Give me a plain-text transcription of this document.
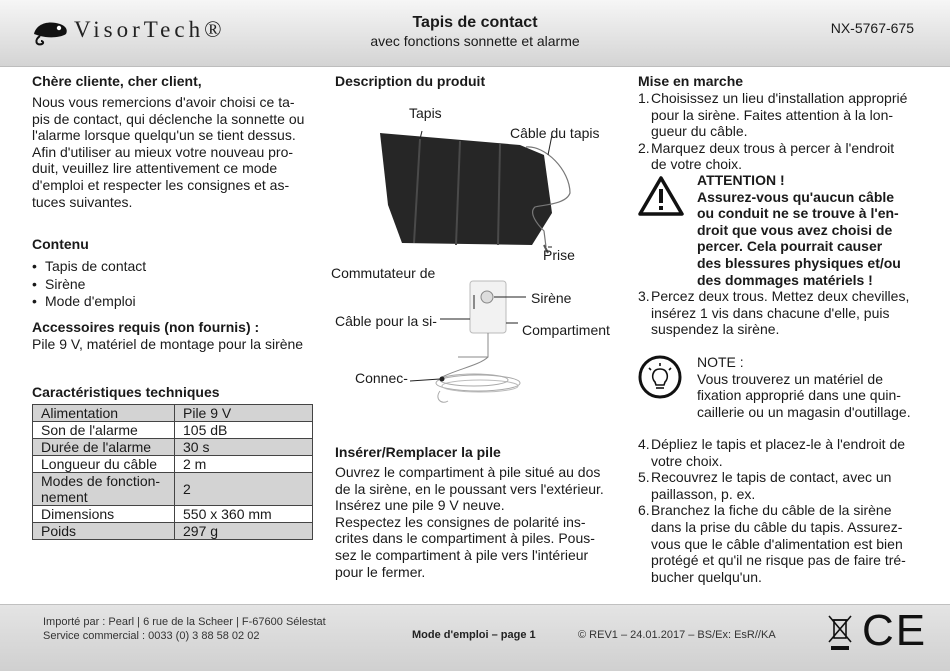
VisorTech®	Tapis de contact
avec fonctions sonnette et alarme
NX-5767-675
Chère cliente, cher client,
Nous vous remercions d'avoir choisi ce ta-
pis de contact, qui déclenche la sonnette ou
l'alarme lorsque quelqu'un se tient dessus.
Afin d'utiliser au mieux votre nouveau pro-
duit, veuillez lire attentivement ce mode
d'emploi et respecter les consignes et as-
tuces suivantes.
Contenu
• Tapis de contact
• Sirène
• Mode d'emploi
Accessoires requis (non fournis) :
Pile 9 V, matériel de montage pour la sirène
Caractéristiques techniques
Alimentation	Pile 9 V
Son de l'alarme	105 dB
Durée de l'alarme	30 s
Longueur du câble	2 m
Modes de fonction-
nement	2
Dimensions	550 x 360 mm
Poids	297 g
Description du produit
Tapis
Câble du tapis
Prise
Commutateur de
Sirène
Câble pour la si-
Compartiment
Connec-
Insérer/Remplacer la pile
Ouvrez le compartiment à pile situé au dos
de la sirène, en le poussant vers l'extérieur.
Insérez une pile 9 V neuve.
Respectez les consignes de polarité ins-
crites dans le compartiment à piles. Pous-
sez le compartiment à pile vers l'intérieur
pour le fermer.
Mise en marche
1. Choisissez un lieu d'installation approprié
pour la sirène. Faites attention à la lon-
gueur du câble.
2. Marquez deux trous à percer à l'endroit
de votre choix.
ATTENTION !
Assurez-vous qu'aucun câble
ou conduit ne se trouve à l'en-
droit que vous avez choisi de
percer. Cela pourrait causer
des blessures physiques et/ou
des dommages matériels !
3. Percez deux trous. Mettez deux chevilles,
insérez 1 vis dans chacune d'elle, puis
suspendez la sirène.
NOTE :
Vous trouverez un matériel de
fixation approprié dans une quin-
caillerie ou un magasin d'outillage.
4. Dépliez le tapis et placez-le à l'endroit de
votre choix.
5. Recouvrez le tapis de contact, avec un
paillasson, p. ex.
6. Branchez la fiche du câble de la sirène
dans la prise du câble du tapis. Assurez-
vous que le câble d'alimentation est bien
protégé et qu'il ne risque pas de faire tré-
bucher quelqu'un.
Importé par : Pearl | 6 rue de la Scheer | F-67600 Sélestat
Service commercial : 0033 (0) 3 88 58 02 02	Mode d'emploi – page 1	© REV1 – 24.01.2017 – BS/Ex: EsR//KA CE
